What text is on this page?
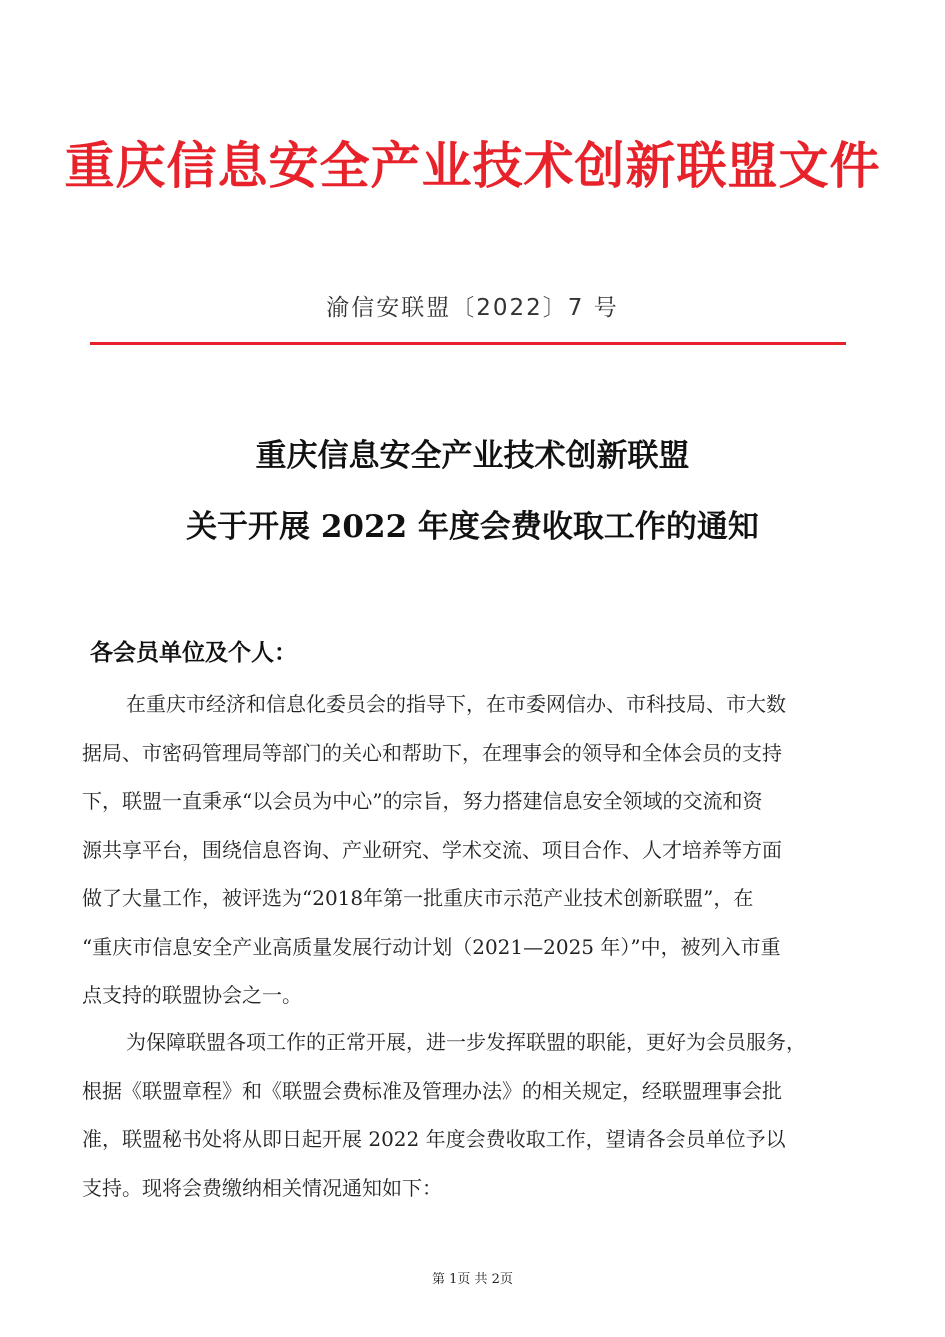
重庆信息安全产业技术创新联盟文件
渝信安联盟〔2022〕7 号
重庆信息安全产业技术创新联盟
关于开展 2022 年度会费收取工作的通知
各会员单位及个人：
在重庆市经济和信息化委员会的指导下，在市委网信办、市科技局、市大数
据局、市密码管理局等部门的关心和帮助下，在理事会的领导和全体会员的支持
下，联盟一直秉承“以会员为中心”的宗旨，努力搭建信息安全领域的交流和资
源共享平台，围绕信息咨询、产业研究、学术交流、项目合作、人才培养等方面
做了大量工作，被评选为“2018年第一批重庆市示范产业技术创新联盟”，在
“重庆市信息安全产业高质量发展行动计划（2021—2025 年）”中，被列入市重
点支持的联盟协会之一。
为保障联盟各项工作的正常开展，进一步发挥联盟的职能，更好为会员服务，
根据《联盟章程》和《联盟会费标准及管理办法》的相关规定，经联盟理事会批
准，联盟秘书处将从即日起开展 2022 年度会费收取工作，望请各会员单位予以
支持。现将会费缴纳相关情况通知如下：
第 1页 共 2页
